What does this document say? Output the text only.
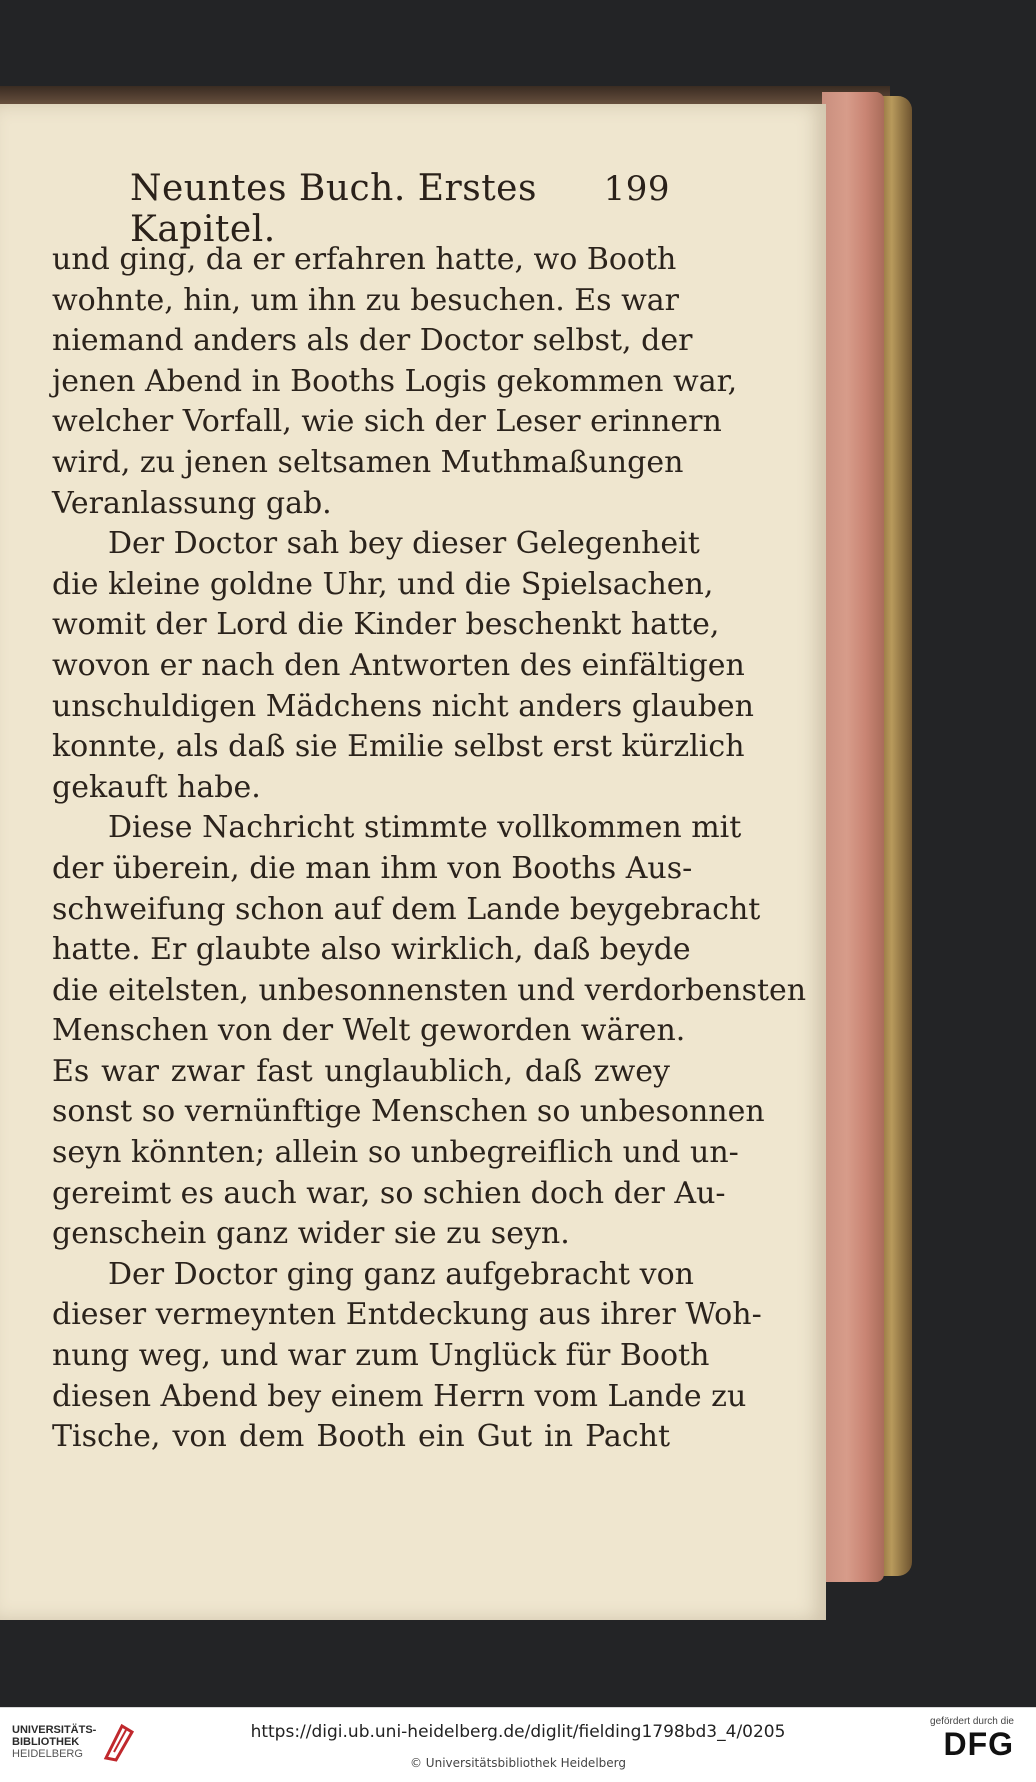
Neuntes Buch. Erstes Kapitel.
199
und ging, da er erfahren hatte, wo Booth
wohnte, hin, um ihn zu besuchen. Es war
niemand anders als der Doctor selbst, der
jenen Abend in Booths Logis gekommen war,
welcher Vorfall, wie sich der Leser erinnern
wird, zu jenen seltsamen Muthmaßungen
Veranlassung gab.
Der Doctor sah bey dieser Gelegenheit
die kleine goldne Uhr, und die Spielsachen,
womit der Lord die Kinder beschenkt hatte,
wovon er nach den Antworten des einfältigen
unschuldigen Mädchens nicht anders glauben
konnte, als daß sie Emilie selbst erst kürzlich
gekauft habe.
Diese Nachricht stimmte vollkommen mit
der überein, die man ihm von Booths Aus-
schweifung schon auf dem Lande beygebracht
hatte. Er glaubte also wirklich, daß beyde
die eitelsten, unbesonnensten und verdorbensten
Menschen von der Welt geworden wären.
Es war zwar fast unglaublich, daß zwey
sonst so vernünftige Menschen so unbesonnen
seyn könnten; allein so unbegreiflich und un-
gereimt es auch war, so schien doch der Au-
genschein ganz wider sie zu seyn.
Der Doctor ging ganz aufgebracht von
dieser vermeynten Entdeckung aus ihrer Woh-
nung weg, und war zum Unglück für Booth
diesen Abend bey einem Herrn vom Lande zu
Tische, von dem Booth ein Gut in Pacht
UNIVERSITÄTS-
BIBLIOTHEK
HEIDELBERG
https://digi.ub.uni-heidelberg.de/diglit/fielding1798bd3_4/0205
© Universitätsbibliothek Heidelberg
gefördert durch die
DFG
